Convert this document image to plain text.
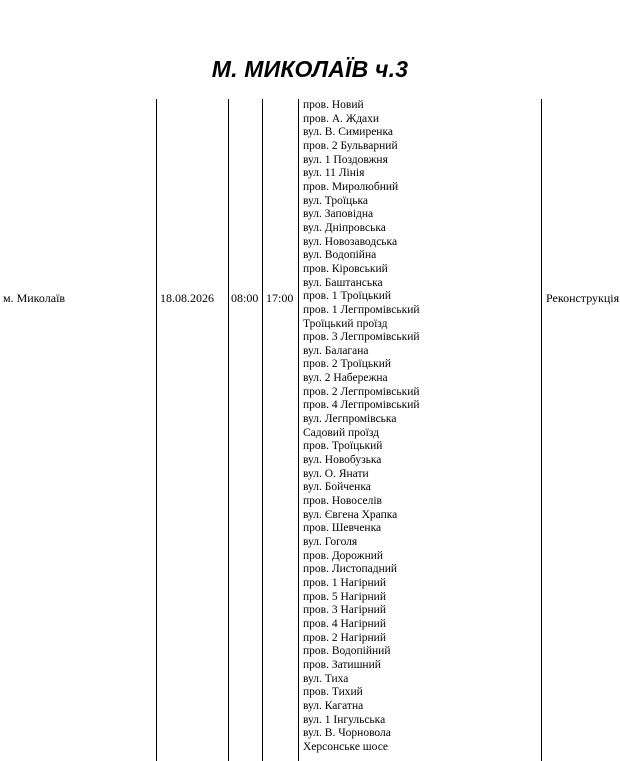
М. МИКОЛАЇВ ч.3
м. Миколаїв	18.08.2026 08:00 17:00	Реконструкція
пров. Новий
пров. А. Ждахи
вул. В. Симиренка
пров. 2 Бульварний
вул. 1 Поздовжня
вул. 11 Лінія
пров. Миролюбний
вул. Троїцька
вул. Заповідна
вул. Дніпровська
вул. Новозаводська
вул. Водопійна
пров. Кіровський
вул. Баштанська
пров. 1 Троїцький
пров. 1 Легпромівський
Троїцький проїзд
пров. 3 Легпромівський
вул. Балагана
пров. 2 Троїцький
вул. 2 Набережна
пров. 2 Легпромівський
пров. 4 Легпромівський
вул. Легпромівська
Садовий проїзд
пров. Троїцький
вул. Новобузька
вул. О. Янати
вул. Бойченка
пров. Новоселів
вул. Євгена Храпка
пров. Шевченка
вул. Гоголя
пров. Дорожний
пров. Листопадний
пров. 1 Нагірний
пров. 5 Нагірний
пров. 3 Нагірний
пров. 4 Нагірний
пров. 2 Нагірний
пров. Водопійний
пров. Затишний
вул. Тиха
пров. Тихий
вул. Кагатна
вул. 1 Інгульська
вул. В. Чорновола
Херсонське шосе
